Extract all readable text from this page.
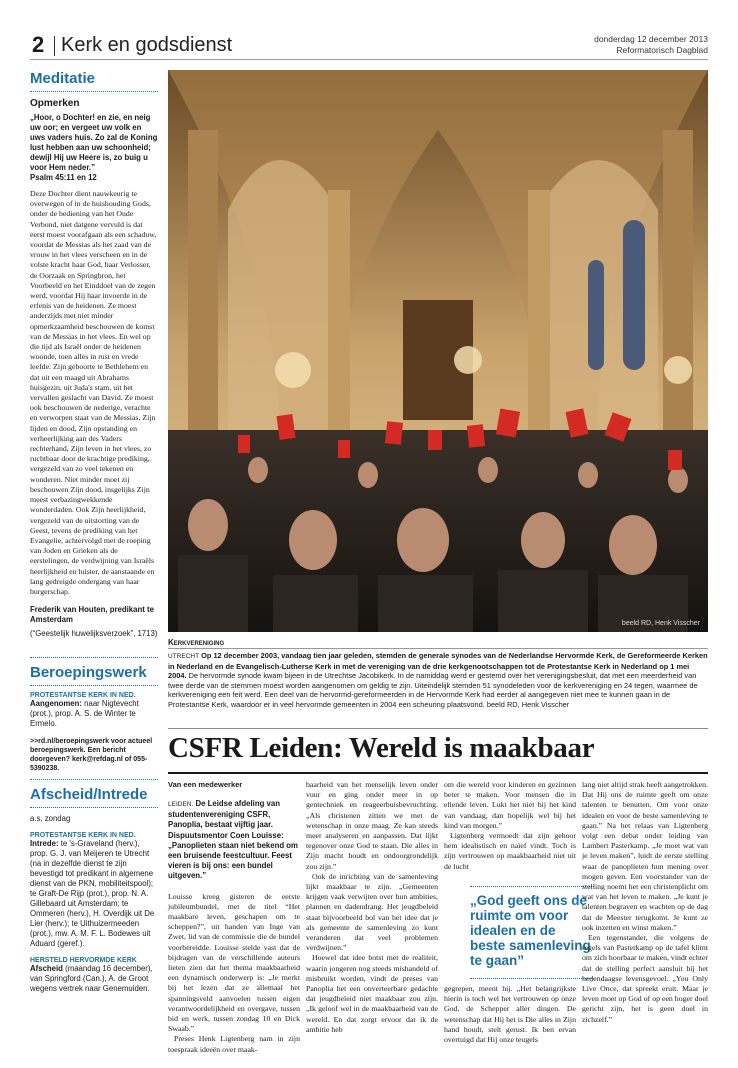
2 Kerk en godsdienst	donderdag 12 december 2013
Reformatorisch Dagblad
Meditatie
Opmerken
„Hoor, o Dochter! en zie, en neig uw oor; en vergeet uw volk en uws vaders huis. Zo zal de Koning lust hebben aan uw schoonheid; dewijl Hij uw Heere is, zo buig u voor Hem neder.”
Psalm 45:11 en 12
Deze Dochter dient nauwkeurig te overwegen of in de huishouding Gods, onder de bediening van het Oude Verbond, niet datgene vervuld is dat eerst moest voorafgaan als een schaduw, voordat de Messias als het zaad van de vrouw in het vlees verscheen en in de volste kracht haar God, haar Verlosser, de Oorzaak en Springbron, het Voorbeeld en het Einddoel van de zegen werd, voordat Hij haar invoerde in de erfenis van de heidenen. Ze moest anderzijds met niet minder opmerkzaamheid beschouwen de komst van de Messias in het vlees. En wel op die tijd als Israël onder de heidenen woonde, toen alles in rust en vrede leefde: Zijn geboorte te Bethlehem en dat uit een maagd uit Abrahams huisgezin, uit Juda's stam, uit het vervallen geslacht van David. Ze moest ook beschouwen de nederige, verachte en verworpen staat van de Messias, Zijn lijden en dood, Zijn opstanding en verheerlijking aan des Vaders rechterhand, Zijn leven in het vlees, zo ruchtbaar door de krachtige prediking, vergezeld van zo veel tekenen en wonderen. Niet minder moet zij beschouwen Zijn dood, insgelijks Zijn meest verbazingwekkende wonderdaden. Ook Zijn heerlijkheid, vergezeld van de uitstorting van de Geest, tevens de prediking van het Evangelie, achtervolgd met de roeping van Joden en Grieken als de eerstelingen, de verdwijning van Israëls heerlijkheid en luister, de aanstaande en lang gedreigde ondergang van haar burgerschap.
Frederik van Houten, predikant te Amsterdam
(“Geestelijk huwelijksverzoek”, 1713)
Beroepingswerk
PROTESTANTSE KERK IN NED.
Aangenomen: naar Nigtevecht (prot.), prop. A. S. de Winter te Ermelo.
>>rd.nl/beroepingswerk voor actueel beroepingswerk. Een bericht doorgeven? kerk@refdag.nl of 055-5390238.
Afscheid/Intrede
a.s. zondag
PROTESTANTSE KERK IN NED.
Intrede: te 's-Graveland (herv.), prop. G. J. van Meijeren te Utrecht (na in dezelfde dienst te zijn bevestigd tot predikant in algemene dienst van de PKN, mobiliteitspool); te Graft-De Rijp (prot.), prop. N. A. Gillebaard uit Amsterdam; te Ommeren (herv.), H. Overdijk uit De Lier (herv.); te Uithuizermeeden (prot.), mw. A. M. F. L. Bodewes uit Aduard (geref.).
HERSTELD HERVORMDE KERK
Afscheid (maandag 16 december), van Springford (Can.), A. de Groot wegens vertrek naar Genemuiden.
beeld RD, Henk Visscher
Kerkvereniging
UTRECHT Op 12 december 2003, vandaag tien jaar geleden, stemden de generale synodes van de Nederlandse Hervormde Kerk, de Gereformeerde Kerken in Nederland en de Evangelisch-Lutherse Kerk in met de vereniging van de drie kerkgenootschappen tot de Protestantse Kerk in Nederland op 1 mei 2004. De hervormde synode kwam bijeen in de Utrechtse Jacobikerk. In de namiddag werd er gestemd over het verenigingsbesluit, dat met een meerderheid van twee derde van de stemmen moest worden aangenomen om geldig te zijn. Uiteindelijk stemden 51 synodeleden voor de kerkvereniging en 24 tegen, waarmee de kerkvereniging een feit werd. Een deel van de hervormd-gereformeerden in de Hervormde Kerk had eerder al aangegeven niet mee te kunnen gaan in de Protestantse Kerk, waardoor er in veel hervormde gemeenten in 2004 een scheuring plaatsvond. beeld RD, Henk Visscher
CSFR Leiden: Wereld is maakbaar
Van een medewerker
LEIDEN. De Leidse afdeling van studentenvereniging CSFR, Panoplia, bestaat vijftig jaar. Dispuutsmentor Coen Louisse: „Panoplieten staan niet bekend om een bruisende feestcultuur. Feest vieren is bij ons: een bundel uitgeven.”

Louisse kreeg gisteren de eerste jubileumbundel, met de titel “Het maakbare leven, geschapen om te scheppen?”, uit handen van Inge van Zwet, lid van de commissie die de bundel voorbereidde. Louisse stelde vast dat de bijdragen van de verschillende auteurs lieten zien dat het thema maakbaarheid een dynamisch onderwerp is: „Je merkt bij het lezen dat ze allemaal het spanningsveld aanvoelen tussen eigen verantwoordelijkheid en overgave, tussen bid en werk, tussen zondag 10 en Dick Swaab.”

Preses Henk Ligtenberg nam in zijn toespraak ideeën over maak-

baarheid van het menselijk leven onder vuur en ging onder meer in op gentechniek en reageerbuisbevruchting. „Als christenen zitten we met de wetenschap in onze maag. Ze kan steeds meer analyseren en aanpassen. Dat lijkt tegenover onze God te staan. Die alles in Zijn macht houdt en ondoorgrondelijk zou zijn.”

Ook de inrichting van de samenleving lijkt maakbaar te zijn. „Gemeenten krijgen vaak verwijten over hun ambities, plannen en dadendrang. Het jeugdbeleid staat bijvoorbeeld bol van het idee dat je als gemeente de samenleving zo kunt veranderen dat veel problemen verdwijnen.”

Hoewel dat idee botst met de realiteit, waarin jongeren nog steeds mishandeld of misbruikt worden, vindt de preses van Panoplia het een onverteerbare gedachte dat jeugdbeleid niet maakbaar zou zijn. „Ik geloof wel in de maakbaarheid van de wereld. En dat zorgt ervoor dat ik de ambitie heb

om die wereld voor kinderen en gezinnen beter te maken. Voor mensen die in ellende leven. Lukt het niet bij het kind van vandaag, dan hopelijk wel bij het kind van morgen.”

Ligtenberg vermoedt dat zijn gehoor hem idealistisch en naïef vindt. Toch is zijn vertrouwen op maakbaarheid niet uit de lucht

„God geeft ons de ruimte om voor idealen en de beste samenleving te gaan”

gegrepen, meent hij. „Het belangrijkste hierin is toch wel het vertrouwen op onze God, de Schepper aller dingen. De wetenschap dat Hij het is Die alles in Zijn hand houdt, stelt gerust. Ik ben ervan overtuigd dat Hij onze teugels

lang niet altijd strak heeft aangetrokken. Dat Hij ons de ruimte geeft om onze talenten te benutten. Om voor onze idealen en voor de beste samenleving te gaan.” Na het relaas van Ligtenberg volgt een debat onder leiding van Lambert Pasterkamp. „Je moet wat van je leven maken”, luidt de eerste stelling waar de panoplieten hun mening over mogen geven. Een voorstander van de stelling noemt het een christenplicht om wat van het leven te maken. „Je kunt je talenten begraven en wachten op de dag dat de Meester terugkomt. Je kunt ze ook inzetten en winst maken.”

Een tegenstander, die volgens de regels van Pasterkamp op de tafel klimt om zich hoorbaar te maken, vindt echter dat de stelling perfect aansluit bij het hedendaagse levensgevoel. „You Only Live Once, dat spreekt eruit. Maar je leven moet op God of op een hoger doel gericht zijn, het is geen doel in zichzelf.”
